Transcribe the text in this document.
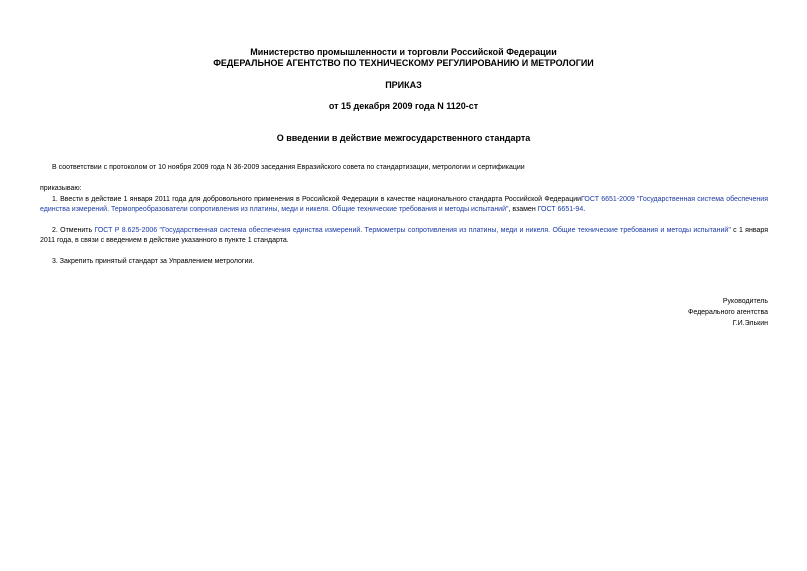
Министерство промышленности и торговли Российской Федерации
ФЕДЕРАЛЬНОЕ АГЕНТСТВО ПО ТЕХНИЧЕСКОМУ РЕГУЛИРОВАНИЮ И МЕТРОЛОГИИ
ПРИКАЗ
от 15 декабря 2009 года N 1120-ст
О введении в действие межгосударственного стандарта
В соответствии с протоколом от 10 ноября 2009 года N 36-2009 заседания Евразийского совета по стандартизации, метрологии и сертификации
приказываю:
1. Ввести в действие 1 января 2011 года для добровольного применения в Российской Федерации в качестве национального стандарта Российской ФедерацииГОСТ 6651-2009 "Государственная система обеспечения единства измерений. Термопреобразователи сопротивления из платины, меди и никеля. Общие технические требования и методы испытаний", взамен ГОСТ 6651-94.
2. Отменить ГОСТ Р 8.625-2006 "Государственная система обеспечения единства измерений. Термометры сопротивления из платины, меди и никеля. Общие технические требования и методы испытаний" с 1 января 2011 года, в связи с введением в действие указанного в пункте 1 стандарта.
3. Закрепить принятый стандарт за Управлением метрологии.
Руководитель
Федерального агентства
Г.И.Элькин
